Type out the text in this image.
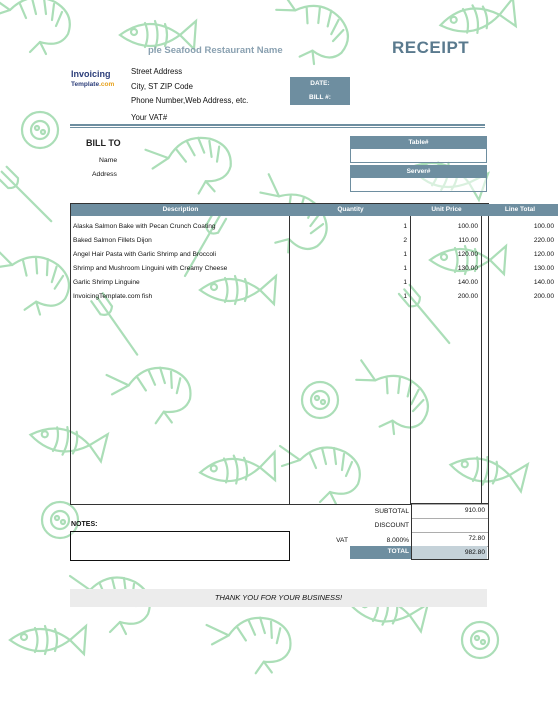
ple Seafood Restaurant Name	RECEIPT
Invoicing
Template.com
Street Address
City, ST ZIP Code
Phone Number,Web Address, etc.
Your VAT#
DATE:
BILL #:
BILL TO
Name
Address
Table#
Server#
Description	Quantity	Unit Price	Line Total
Alaska Salmon Bake with Pecan Crunch Coating	1	100.00	100.00
Baked Salmon Fillets Dijon	2	110.00	220.00
Angel Hair Pasta with Garlic Shrimp and Broccoli	1	120.00	120.00
Shrimp and Mushroom Linguini with Creamy Cheese	1	130.00	130.00
Garlic Shrimp Linguine	1	140.00	140.00
InvoicingTemplate.com fish	1	200.00	200.00
SUBTOTAL	910.00
DISCOUNT
VAT	8.000%	72.80
TOTAL	982.80
NOTES:
THANK YOU FOR YOUR BUSINESS!
